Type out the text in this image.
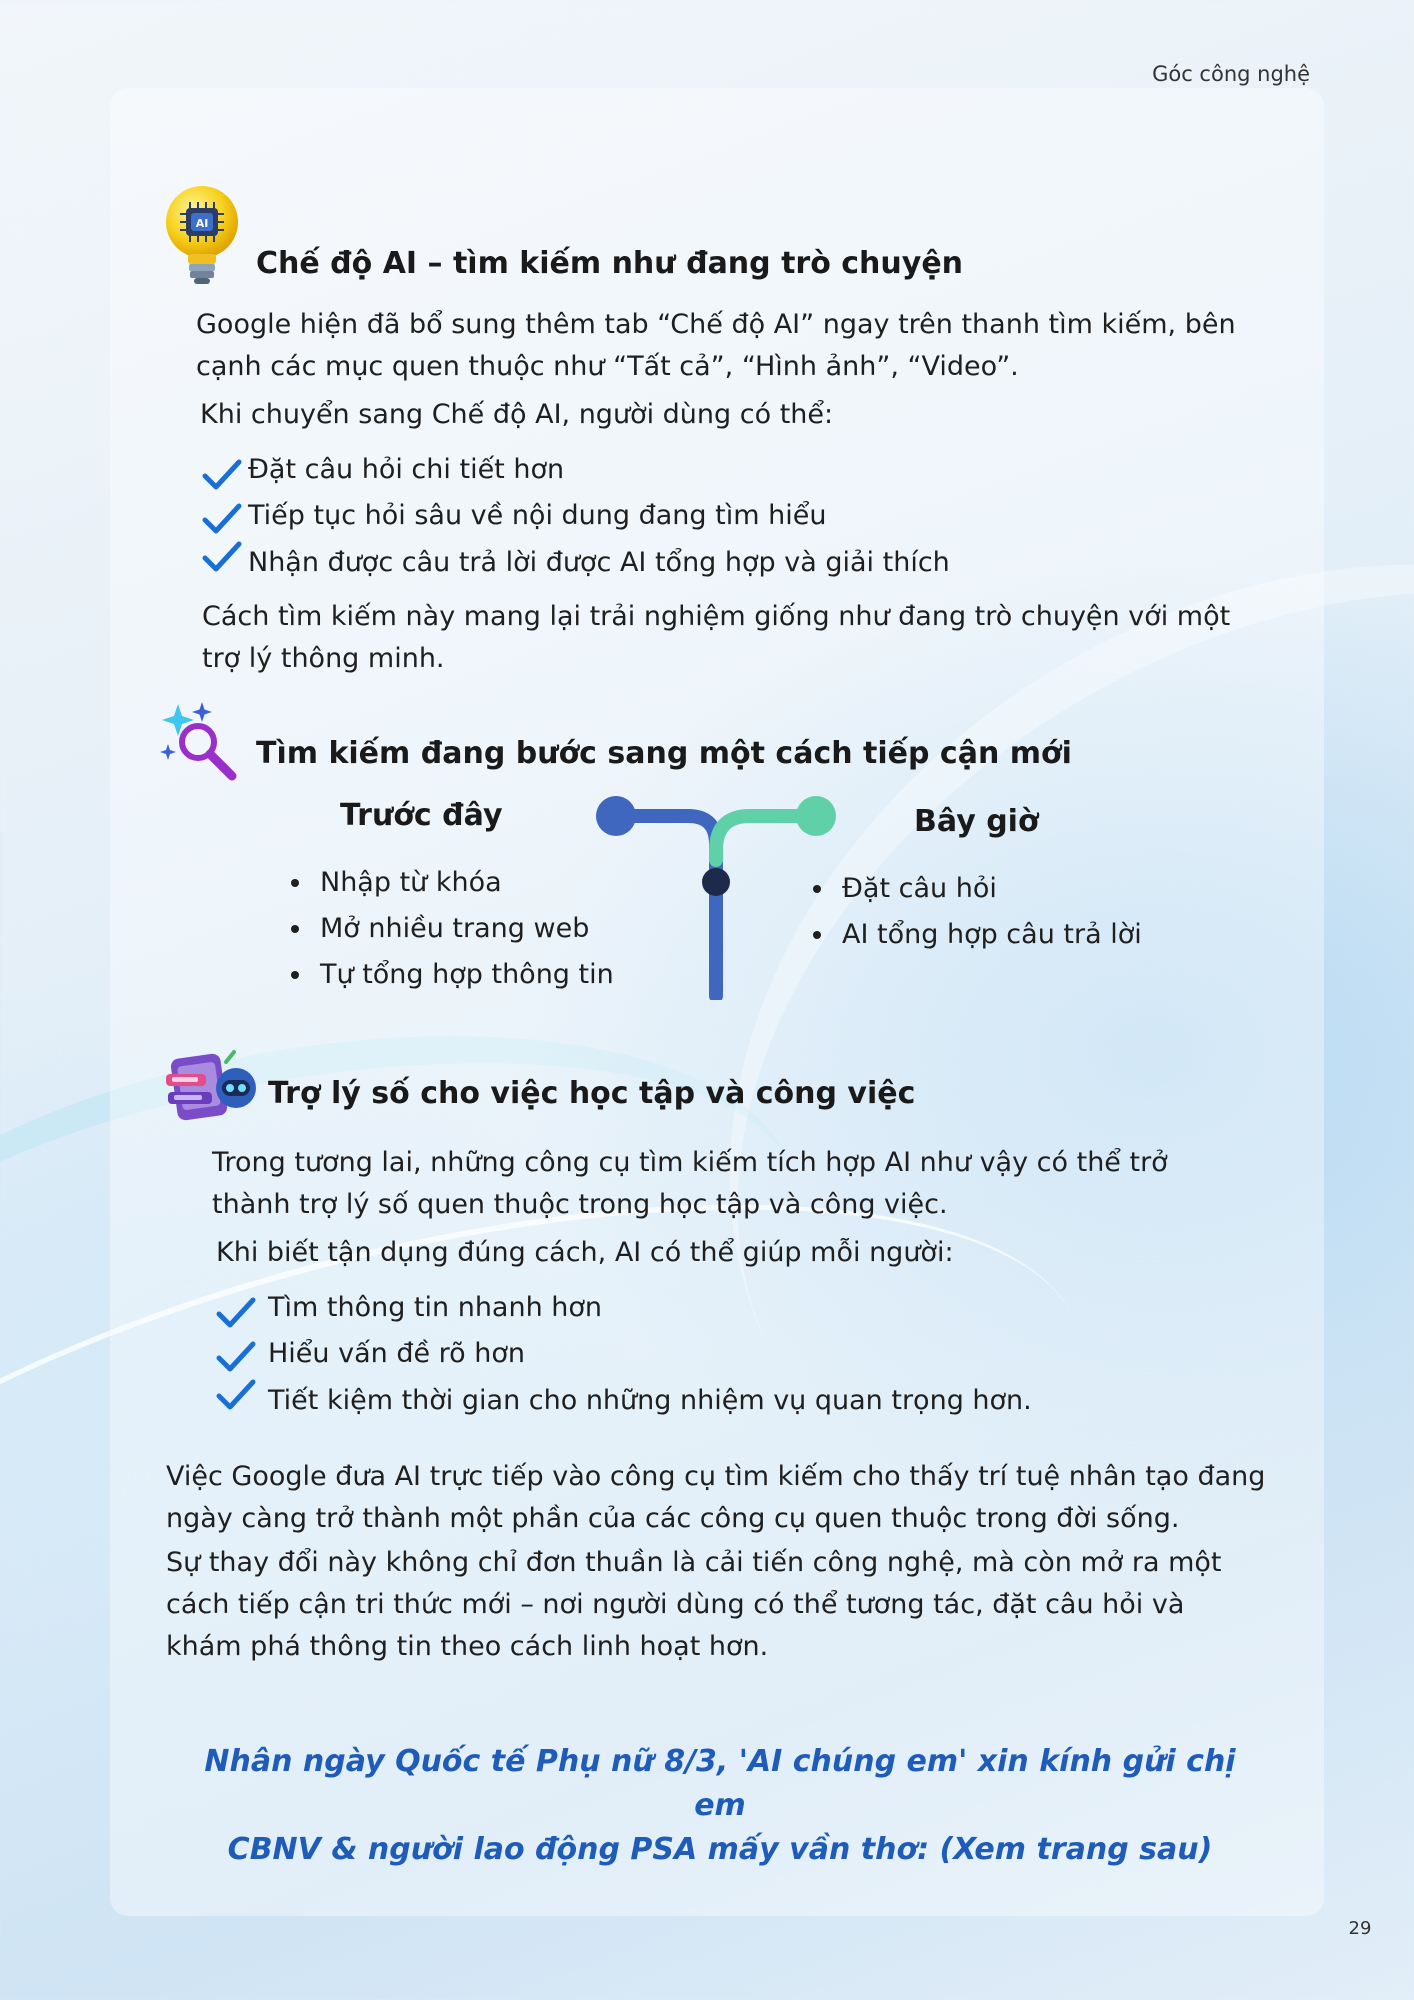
Góc công nghệ
AI
Chế độ AI – tìm kiếm như đang trò chuyện

Google hiện đã bổ sung thêm tab “Chế độ AI” ngay trên thanh tìm kiếm, bên cạnh các mục quen thuộc như “Tất cả”, “Hình ảnh”, “Video”.

Khi chuyển sang Chế độ AI, người dùng có thể:

Đặt câu hỏi chi tiết hơn
Tiếp tục hỏi sâu về nội dung đang tìm hiểu
Nhận được câu trả lời được AI tổng hợp và giải thích

Cách tìm kiếm này mang lại trải nghiệm giống như đang trò chuyện với một trợ lý thông minh.

Tìm kiếm đang bước sang một cách tiếp cận mới
Trước đây
• Nhập từ khóa
• Mở nhiều trang web
• Tự tổng hợp thông tin
Bây giờ
• Đặt câu hỏi
• AI tổng hợp câu trả lời
Trợ lý số cho việc học tập và công việc

Trong tương lai, những công cụ tìm kiếm tích hợp AI như vậy có thể trở thành trợ lý số quen thuộc trong học tập và công việc.

Khi biết tận dụng đúng cách, AI có thể giúp mỗi người:

Tìm thông tin nhanh hơn
Hiểu vấn đề rõ hơn
Tiết kiệm thời gian cho những nhiệm vụ quan trọng hơn.

Việc Google đưa AI trực tiếp vào công cụ tìm kiếm cho thấy trí tuệ nhân tạo đang ngày càng trở thành một phần của các công cụ quen thuộc trong đời sống.

Sự thay đổi này không chỉ đơn thuần là cải tiến công nghệ, mà còn mở ra một cách tiếp cận tri thức mới – nơi người dùng có thể tương tác, đặt câu hỏi và khám phá thông tin theo cách linh hoạt hơn.

Nhân ngày Quốc tế Phụ nữ 8/3, 'AI chúng em' xin kính gửi chị em
CBNV & người lao động PSA mấy vần thơ: (Xem trang sau)
29
